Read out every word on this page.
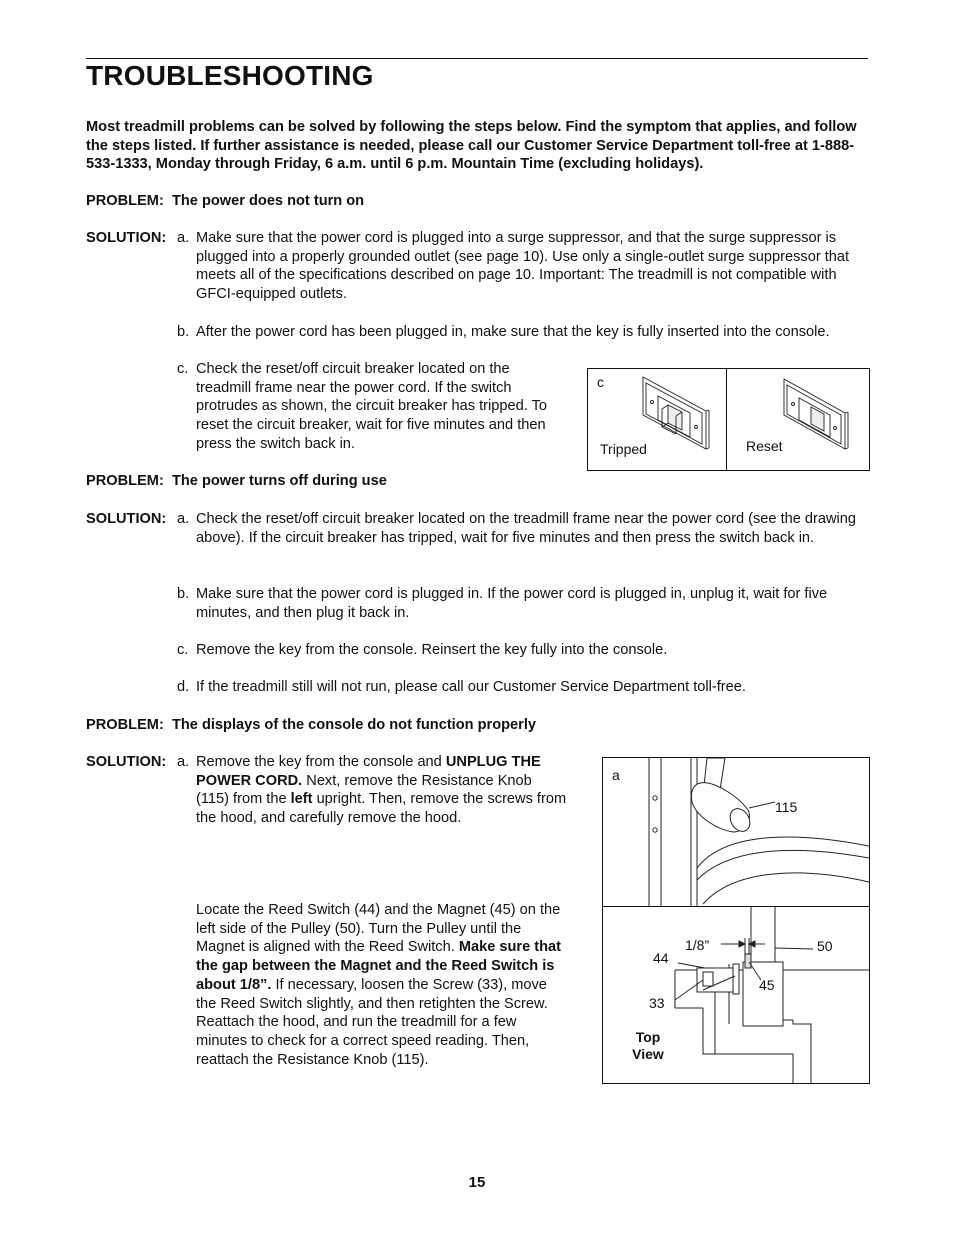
TROUBLESHOOTING

Most treadmill problems can be solved by following the steps below. Find the symptom that applies, and follow the steps listed. If further assistance is needed, please call our Customer Service Department toll-free at 1-888-533-1333, Monday through Friday, 6 a.m. until 6 p.m. Mountain Time (excluding holidays).

PROBLEM: The power does not turn on

SOLUTION: a. Make sure that the power cord is plugged into a surge suppressor, and that the surge suppressor is plugged into a properly grounded outlet (see page 10). Use only a single-outlet surge suppressor that meets all of the specifications described on page 10. Important: The treadmill is not compatible with GFCI-equipped outlets.

b. After the power cord has been plugged in, make sure that the key is fully inserted into the console.

c. Check the reset/off circuit breaker located on the treadmill frame near the power cord. If the switch protrudes as shown, the circuit breaker has tripped. To reset the circuit breaker, wait for five minutes and then press the switch back in.

c
Tripped	Reset

PROBLEM: The power turns off during use

SOLUTION: a. Check the reset/off circuit breaker located on the treadmill frame near the power cord (see the drawing above). If the circuit breaker has tripped, wait for five minutes and then press the switch back in.

b. Make sure that the power cord is plugged in. If the power cord is plugged in, unplug it, wait for five minutes, and then plug it back in.

c. Remove the key from the console. Reinsert the key fully into the console.

d. If the treadmill still will not run, please call our Customer Service Department toll-free.

PROBLEM: The displays of the console do not function properly

SOLUTION: a. Remove the key from the console and UNPLUG THE POWER CORD. Next, remove the Resistance Knob (115) from the left upright. Then, remove the screws from the hood, and carefully remove the hood.

Locate the Reed Switch (44) and the Magnet (45) on the left side of the Pulley (50). Turn the Pulley until the Magnet is aligned with the Reed Switch. Make sure that the gap between the Magnet and the Reed Switch is about 1/8”. If necessary, loosen the Screw (33), move the Reed Switch slightly, and then retighten the Screw. Reattach the hood, and run the treadmill for a few minutes to check for a correct speed reading. Then, reattach the Resistance Knob (115).

a
115
1/8”	50
44
45
33
Top
View

15
